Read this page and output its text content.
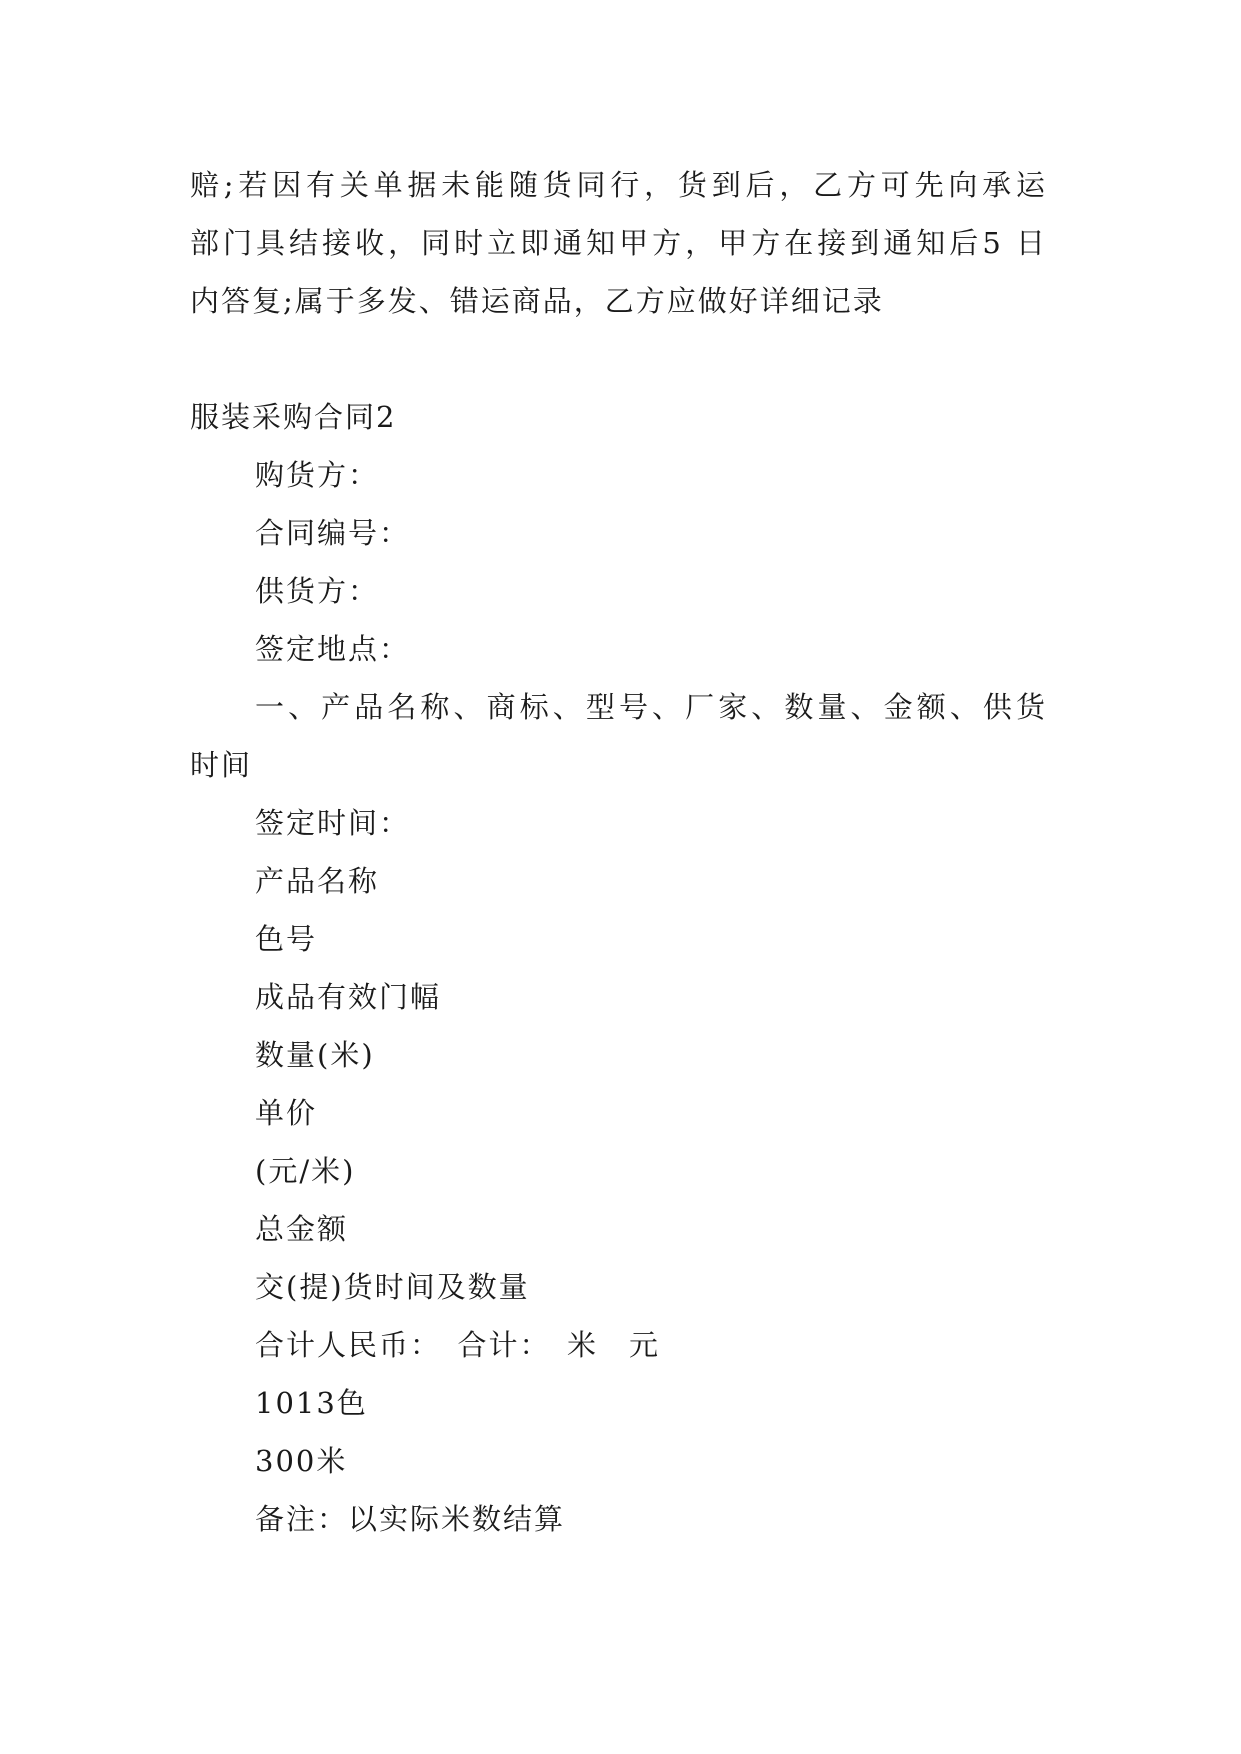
赔;若因有关单据未能随货同行，货到后，乙方可先向承运
部门具结接收，同时立即通知甲方，甲方在接到通知后5 日
内答复;属于多发、错运商品，乙方应做好详细记录
服装采购合同2
购货方：
合同编号：
供货方：
签定地点：
一、产品名称、商标、型号、厂家、数量、金额、供货
时间
签定时间：
产品名称
色号
成品有效门幅
数量(米)
单价
(元/米)
总金额
交(提)货时间及数量
合计人民币：　合计：　米　元
1013色
300米
备注：以实际米数结算
